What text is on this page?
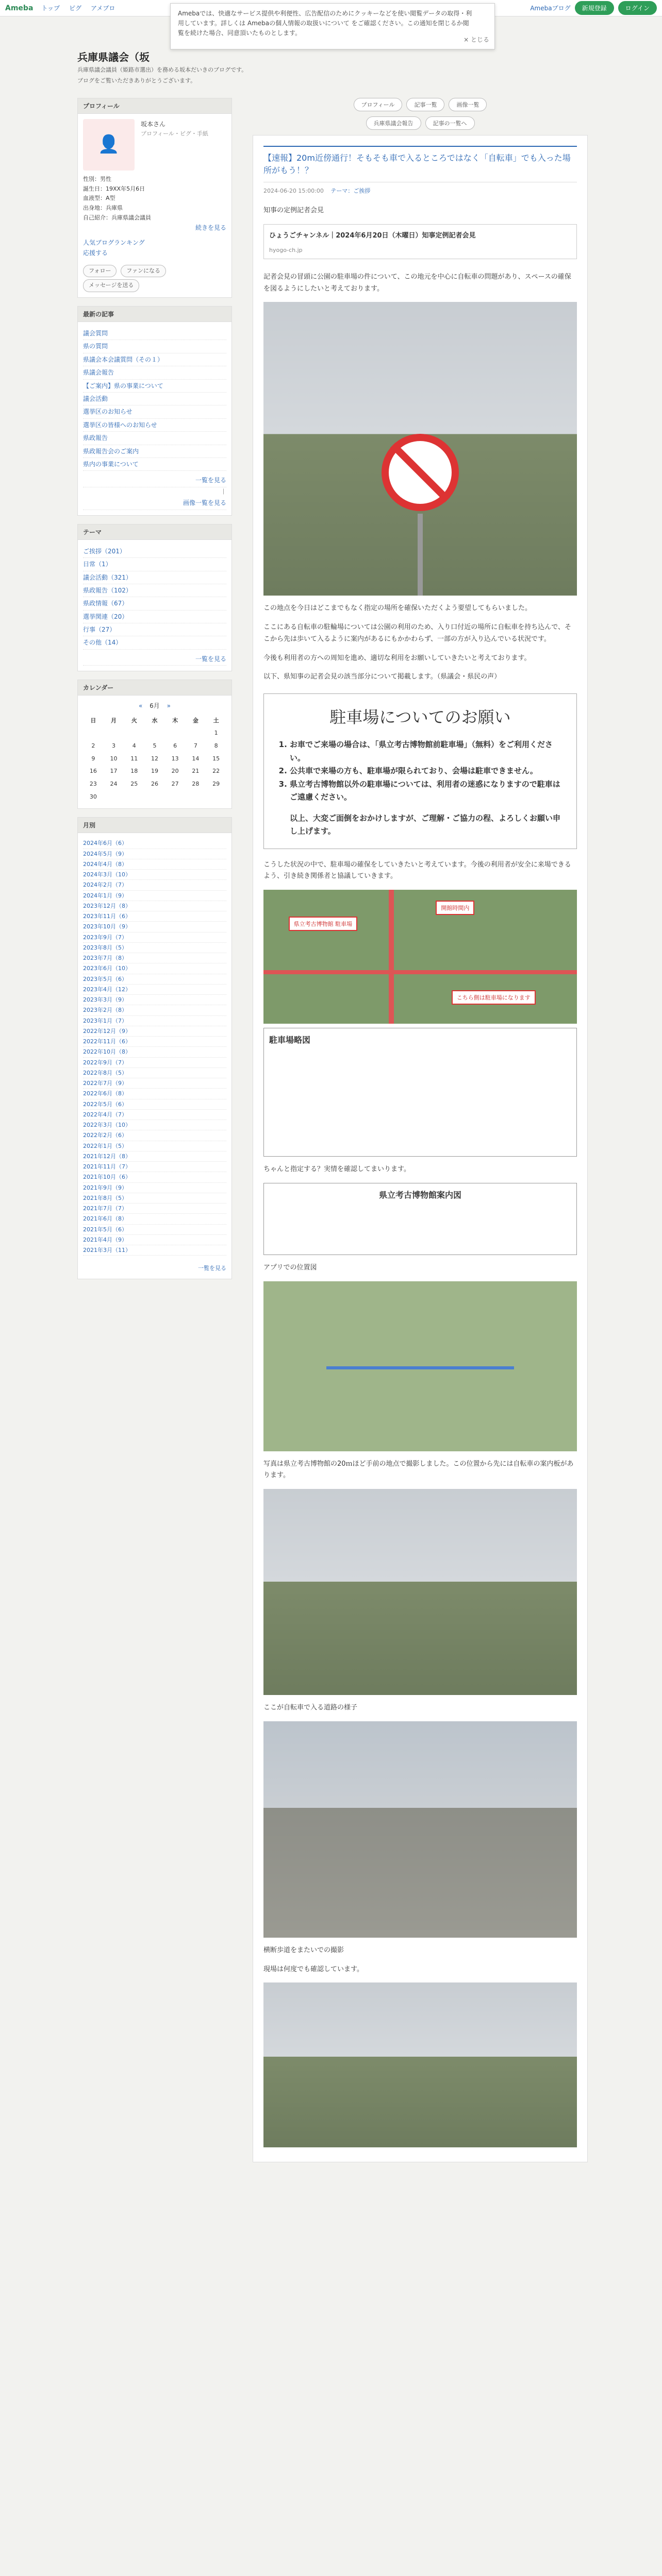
Ameba トップ ピグ アメブロ	Amebaブログ	新規登録	ログイン
Amebaでは、快適なサービス提供や利便性、広告配信のためにクッキーなどを使い閲覧データの取得・利用しています。詳しくは Amebaの個人情報の取扱いについて をご確認ください。この通知を閉じるか閲覧を続けた場合、同意頂いたものとします。
× とじる
兵庫県議会（坂
兵庫県議会議員（姫路市選出）を務める坂本だいきのブログです。
ブログをご覧いただきありがとうございます。
プロフィール
👤
坂本さん
プロフィール・ピグ・手紙
性別：男性
誕生日：19XX年5月6日
血液型：A型
出身地：兵庫県
自己紹介：兵庫県議会議員
続きを見る
人気ブログランキング
応援する
フォロー	ファンになる メッセージを送る
最新の記事
議会質問
県の質問
県議会本会議質問（その１）
県議会報告
【ご案内】県の事業について
議会活動
選挙区のお知らせ
選挙区の皆様へのお知らせ
県政報告
県政報告会のご案内
県内の事業について
一覧を見る
｜
画像一覧を見る
テーマ
ご挨拶（201）
日常（1）
議会活動（321）
県政報告（102）
県政情報（67）
選挙関連（20）
行事（27）
その他（14）
一覧を見る
カレンダー
« 6月 »
日	月	火	水	木	金	土
						1
2	3	4	5	6	7	8
9	10	11	12	13	14	15
16	17	18	19	20	21	22
23	24	25	26	27	28	29
30						
月別
2024年6月（6）
2024年5月（9）
2024年4月（8）
2024年3月（10）
2024年2月（7）
2024年1月（9）
2023年12月（8）
2023年11月（6）
2023年10月（9）
2023年9月（7）
2023年8月（5）
2023年7月（8）
2023年6月（10）
2023年5月（6）
2023年4月（12）
2023年3月（9）
2023年2月（8）
2023年1月（7）
2022年12月（9）
2022年11月（6）
2022年10月（8）
2022年9月（7）
2022年8月（5）
2022年7月（9）
2022年6月（8）
2022年5月（6）
2022年4月（7）
2022年3月（10）
2022年2月（6）
2022年1月（5）
2021年12月（8）
2021年11月（7）
2021年10月（6）
2021年9月（9）
2021年8月（5）
2021年7月（7）
2021年6月（8）
2021年5月（6）
2021年4月（9）
2021年3月（11）
一覧を見る
プロフィール	記事一覧	画像一覧
兵庫県議会報告	記事の一覧へ
【速報】20m近傍通行！そもそも車で入るところではなく「自転車」でも入った場所がもう！？
2024-06-20 15:00:00 テーマ：ご挨拶

知事の定例記者会見

ひょうごチャンネル｜2024年6月20日（木曜日）知事定例記者会見
hyogo-ch.jp

記者会見の冒頭に公園の駐車場の件について、この地元を中心に自転車の問題があり、スペースの確保を図るようにしたいと考えております。

この地点を今日はどこまでもなく指定の場所を確保いただくよう要望してもらいました。

ここにある自転車の駐輪場については公園の利用のため、入り口付近の場所に自転車を持ち込んで、そこから先は歩いて入るように案内があるにもかかわらず、一部の方が入り込んでいる状況です。

今後も利用者の方への周知を進め、適切な利用をお願いしていきたいと考えております。

以下、県知事の記者会見の該当部分について掲載します。（県議会・県民の声）

駐車場についてのお願い
1. お車でご来場の場合は、「県立考古博物館前駐車場」（無料）をご利用ください。
2. 公共車で来場の方も、駐車場が限られており、会場は駐車できません。
3. 県立考古博物館以外の駐車場については、利用者の迷惑になりますので駐車はご遠慮ください。
以上、大変ご面倒をおかけしますが、ご理解・ご協力の程、よろしくお願い申し上げます。

こうした状況の中で、駐車場の確保をしていきたいと考えています。今後の利用者が安全に来場できるよう、引き続き関係者と協議していきます。

県立考古博物館 駐車場
こちら側は駐車場になります
開館時間内
駐車場略図

ちゃんと指定する？実情を確認してまいります。

県立考古博物館案内図

アプリでの位置図

写真は県立考古博物館の20ｍほど手前の地点で撮影しました。この位置から先には自転車の案内板があります。

ここが自転車で入る道路の様子

横断歩道をまたいでの撮影

現場は何度でも確認しています。
